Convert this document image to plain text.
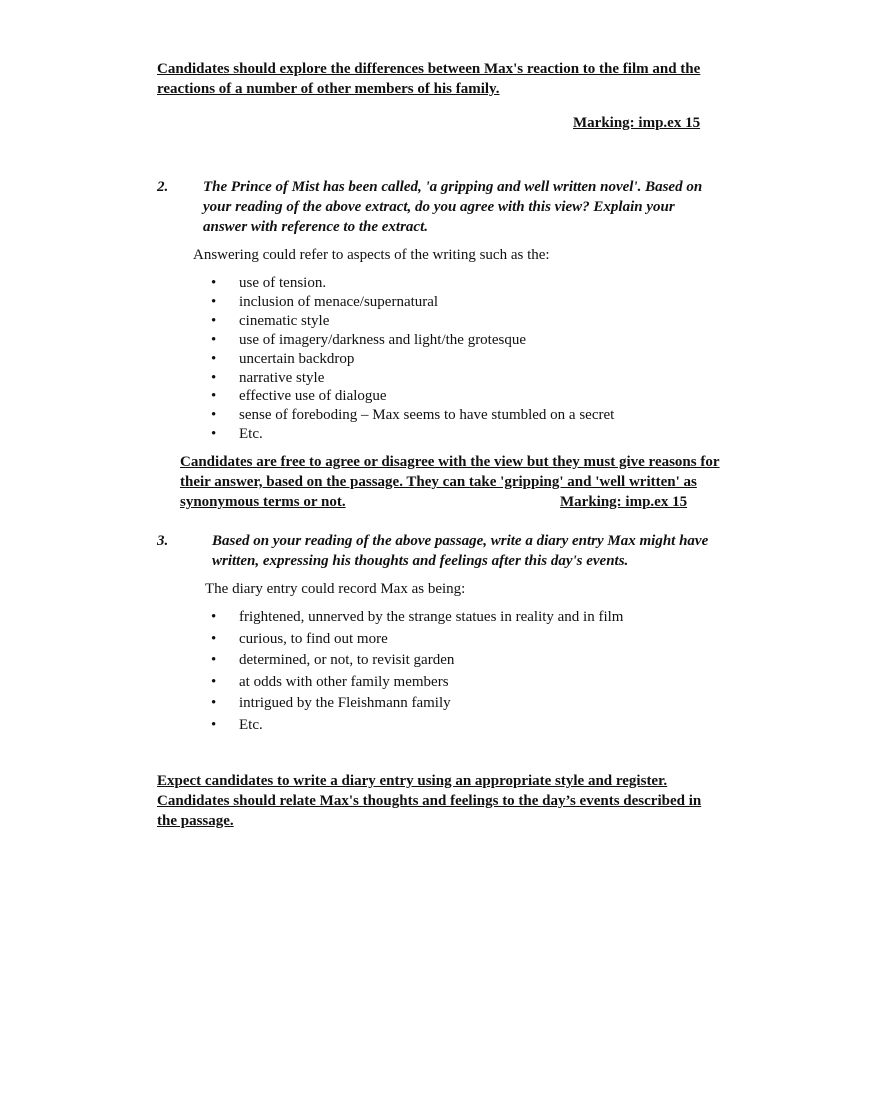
Candidates should explore the differences between Max's reaction to the film and the
reactions of a number of other members of his family.
Marking: imp.ex 15
2. The Prince of Mist has been called, 'a gripping and well written novel'. Based on
your reading of the above extract, do you agree with this view? Explain your
answer with reference to the extract.
Answering could refer to aspects of the writing such as the:
• use of tension.
• inclusion of menace/supernatural
• cinematic style
• use of imagery/darkness and light/the grotesque
• uncertain backdrop
• narrative style
• effective use of dialogue
• sense of foreboding – Max seems to have stumbled on a secret
• Etc.
Candidates are free to agree or disagree with the view but they must give reasons for
their answer, based on the passage. They can take 'gripping' and 'well written' as
synonymous terms or not.	Marking: imp.ex 15
3.	Based on your reading of the above passage, write a diary entry Max might have
written, expressing his thoughts and feelings after this day's events.
The diary entry could record Max as being:
• frightened, unnerved by the strange statues in reality and in film
• curious, to find out more
• determined, or not, to revisit garden
• at odds with other family members
• intrigued by the Fleishmann family
• Etc.
Expect candidates to write a diary entry using an appropriate style and register.
Candidates should relate Max's thoughts and feelings to the day’s events described in
the passage.
